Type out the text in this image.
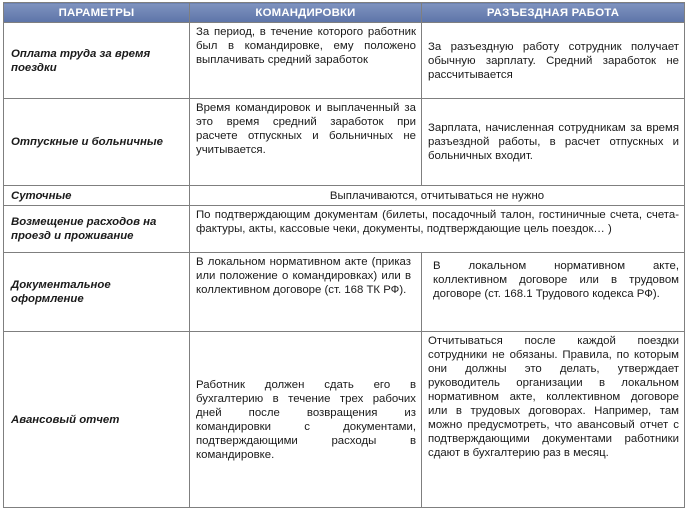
ПАРАМЕТРЫ	КОМАНДИРОВКИ	РАЗЪЕЗДНАЯ РАБОТА
Оплата труда за время поездки	За период, в течение которого работник был в командировке, ему положено выплачивать средний заработок	За разъездную работу сотрудник получает обычную зарплату. Средний заработок не рассчитывается
Отпускные и больничные	Время командировок и выплаченный за это время средний заработок при расчете отпускных и больничных не учитывается.	Зарплата, начисленная сотрудникам за время разъездной работы, в расчет отпускных и больничных входит.
Суточные	Выплачиваются, отчитываться не нужно	
Возмещение расходов на проезд и проживание	По подтверждающим документам (билеты, посадочный талон, гостиничные счета, счета-фактуры, акты, кассовые чеки, документы, подтверждающие цель поездок… )	
Документальное оформление	В локальном нормативном акте (приказ или положение о командировках) или в коллективном договоре (ст. 168 ТК РФ).	В локальном нормативном акте, коллективном договоре или в трудовом договоре (ст. 168.1 Трудового кодекса РФ).
Авансовый отчет	Работник должен сдать его в бухгалтерию в течение трех рабочих дней после возвращения из командировки с документами, подтверждающими расходы в командировке.	Отчитываться после каждой поездки сотрудники не обязаны. Правила, по которым они должны это делать, утверждает руководитель организации в локальном нормативном акте, коллективном договоре или в трудовых договорах. Например, там можно предусмотреть, что авансовый отчет с подтверждающими документами работники сдают в бухгалтерию раз в месяц.
